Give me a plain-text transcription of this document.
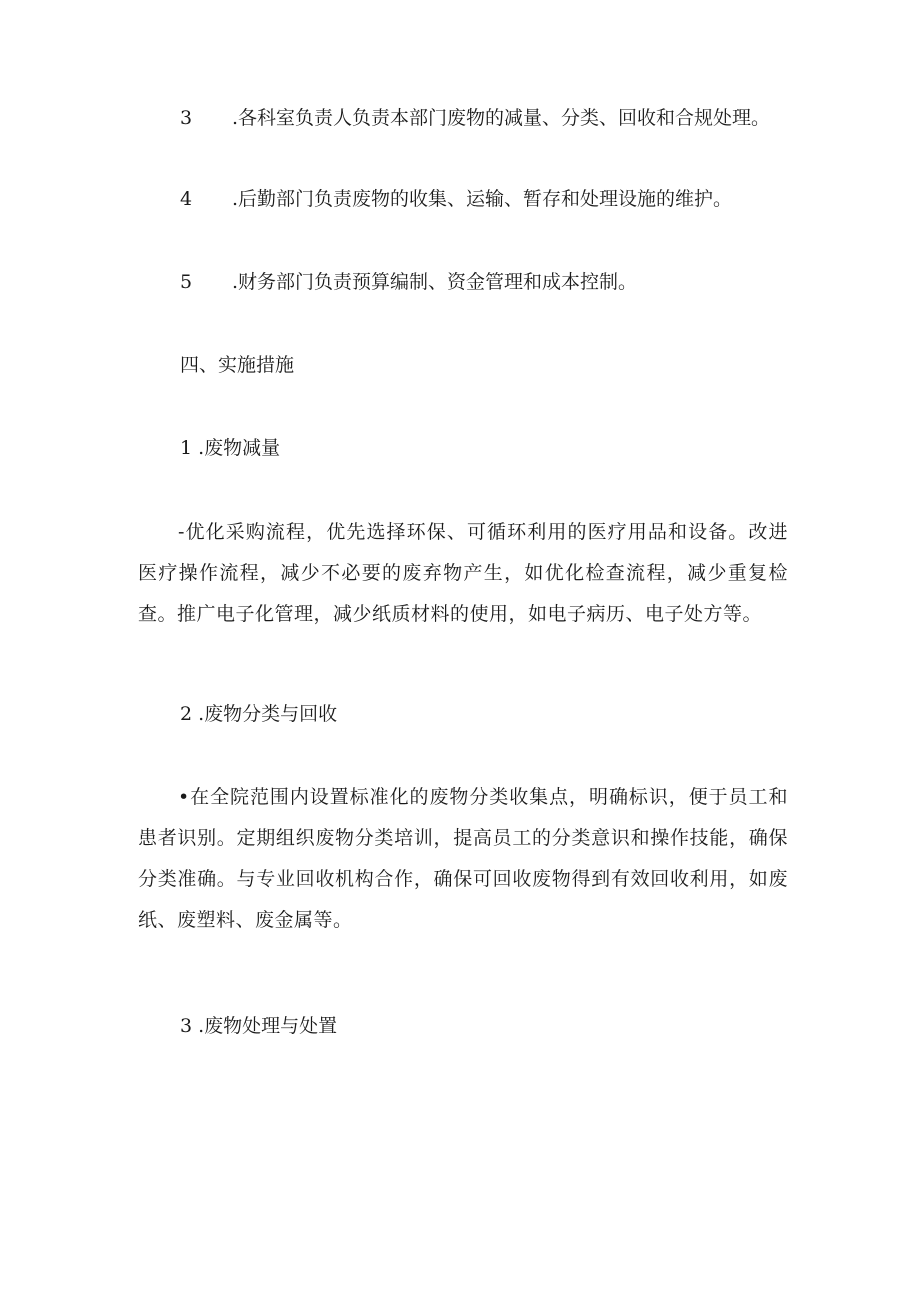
3 .各科室负责人负责本部门废物的减量、分类、回收和合规处理。
4 .后勤部门负责废物的收集、运输、暂存和处理设施的维护。
5 .财务部门负责预算编制、资金管理和成本控制。
四、实施措施
1 .废物减量
-优化采购流程，优先选择环保、可循环利用的医疗用品和设备。改进医疗操作流程，减少不必要的废弃物产生，如优化检查流程，减少重复检查。推广电子化管理，减少纸质材料的使用，如电子病历、电子处方等。
2 .废物分类与回收
•在全院范围内设置标准化的废物分类收集点，明确标识，便于员工和患者识别。定期组织废物分类培训，提高员工的分类意识和操作技能，确保分类准确。与专业回收机构合作，确保可回收废物得到有效回收利用，如废纸、废塑料、废金属等。
3 .废物处理与处置
